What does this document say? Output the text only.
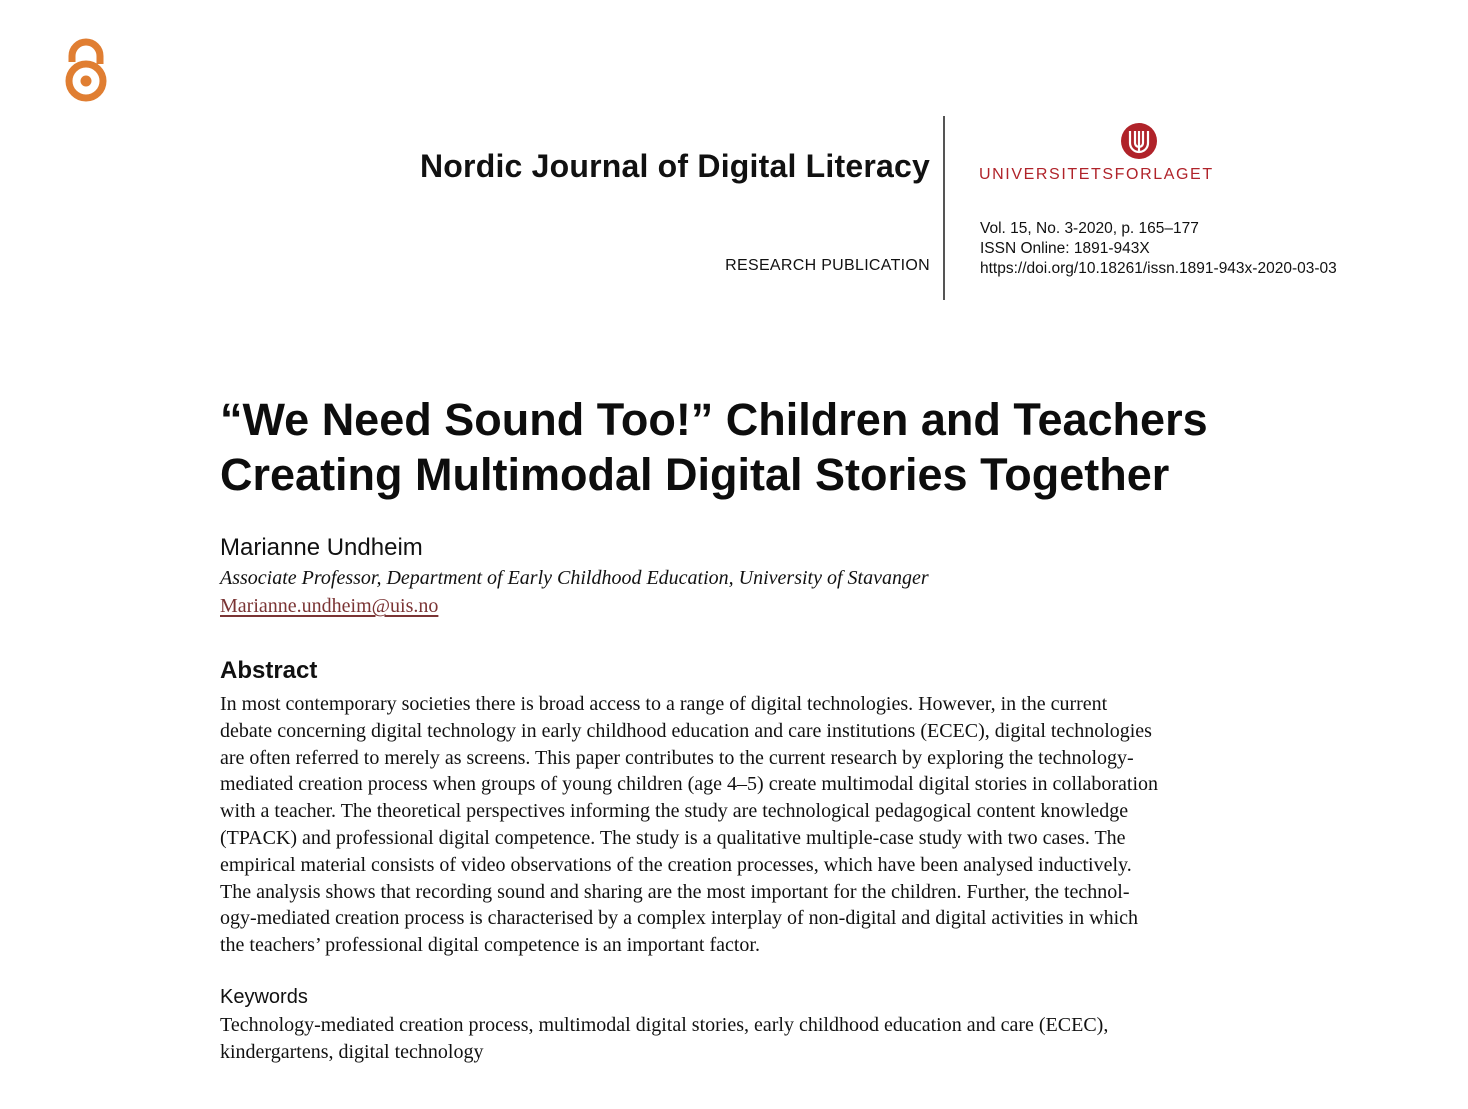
Nordic Journal of Digital Literacy
RESEARCH PUBLICATION
UNIVERSITETSFORLAGET
Vol. 15, No. 3-2020, p. 165–177
ISSN Online: 1891-943X
https://doi.org/10.18261/issn.1891-943x-2020-03-03
“We Need Sound Too!” Children and Teachers
Creating Multimodal Digital Stories Together
Marianne Undheim
Associate Professor, Department of Early Childhood Education, University of Stavanger
Marianne.undheim@uis.no
Abstract
In most contemporary societies there is broad access to a range of digital technologies. However, in the current
debate concerning digital technology in early childhood education and care institutions (ECEC), digital technologies
are often referred to merely as screens. This paper contributes to the current research by exploring the technology-
mediated creation process when groups of young children (age 4–5) create multimodal digital stories in collaboration
with a teacher. The theoretical perspectives informing the study are technological pedagogical content knowledge
(TPACK) and professional digital competence. The study is a qualitative multiple-case study with two cases. The
empirical material consists of video observations of the creation processes, which have been analysed inductively.
The analysis shows that recording sound and sharing are the most important for the children. Further, the technol-
ogy-mediated creation process is characterised by a complex interplay of non-digital and digital activities in which
the teachers’ professional digital competence is an important factor.
Keywords
Technology-mediated creation process, multimodal digital stories, early childhood education and care (ECEC),
kindergartens, digital technology
